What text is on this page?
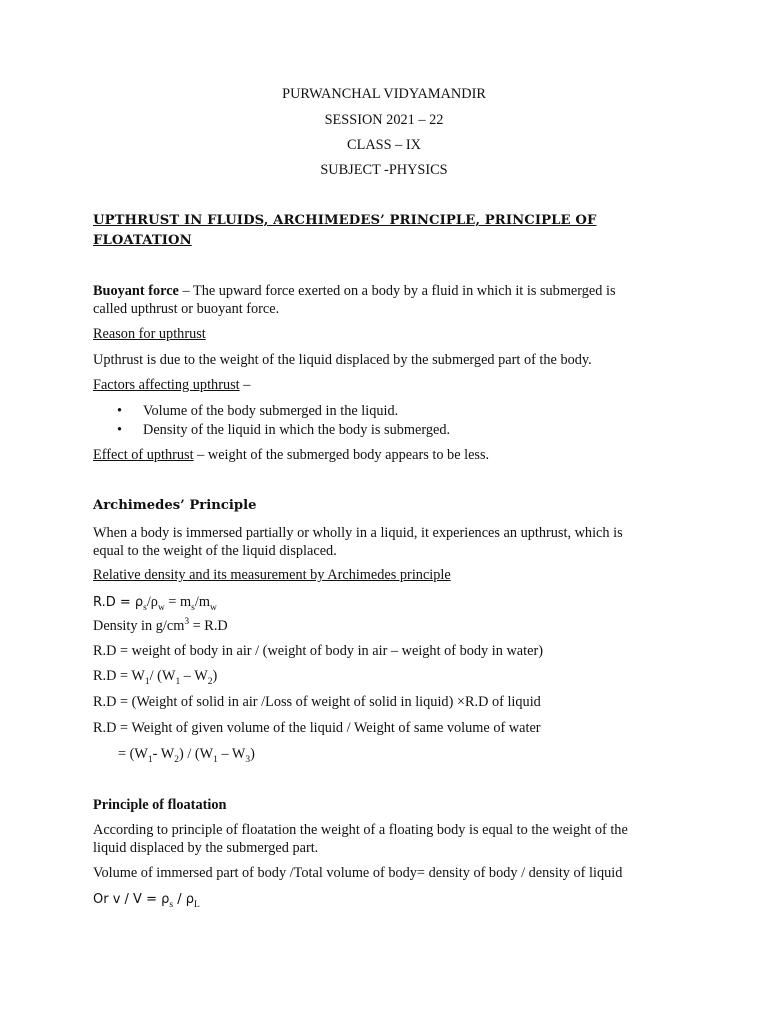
PURWANCHAL VIDYAMANDIR
SESSION 2021 – 22
CLASS – IX
SUBJECT -PHYSICS
UPTHRUST IN FLUIDS, ARCHIMEDES’ PRINCIPLE, PRINCIPLE OF
FLOATATION
Buoyant force – The upward force exerted on a body by a fluid in which it is submerged is
called upthrust or buoyant force.
Reason for upthrust
Upthrust is due to the weight of the liquid displaced by the submerged part of the body.
Factors affecting upthrust –
• Volume of the body submerged in the liquid.
• Density of the liquid in which the body is submerged.
Effect of upthrust – weight of the submerged body appears to be less.
Archimedes’ Principle
When a body is immersed partially or wholly in a liquid, it experiences an upthrust, which is
equal to the weight of the liquid displaced.
Relative density and its measurement by Archimedes principle
$R.D = \rho_s/\rho_w = m_s/m_w$
Density in $g/cm^3 = R.D$
R.D = weight of body in air / (weight of body in air – weight of body in water)
$R.D = W_1/$ $(W_1 - W_2)$
R.D = (Weight of solid in air /Loss of weight of solid in liquid) ×R.D of liquid
R.D = Weight of given volume of the liquid / Weight of same volume of water
= ($W_1-$ $W_2) / (W_1 - W_3)$
Principle of floatation
According to principle of floatation the weight of a floating body is equal to the weight of the
liquid displaced by the submerged part.
Volume of immersed part of body /Total volume of body= density of body / density of liquid
Or $v / V = \rho_s / \rho_L$
